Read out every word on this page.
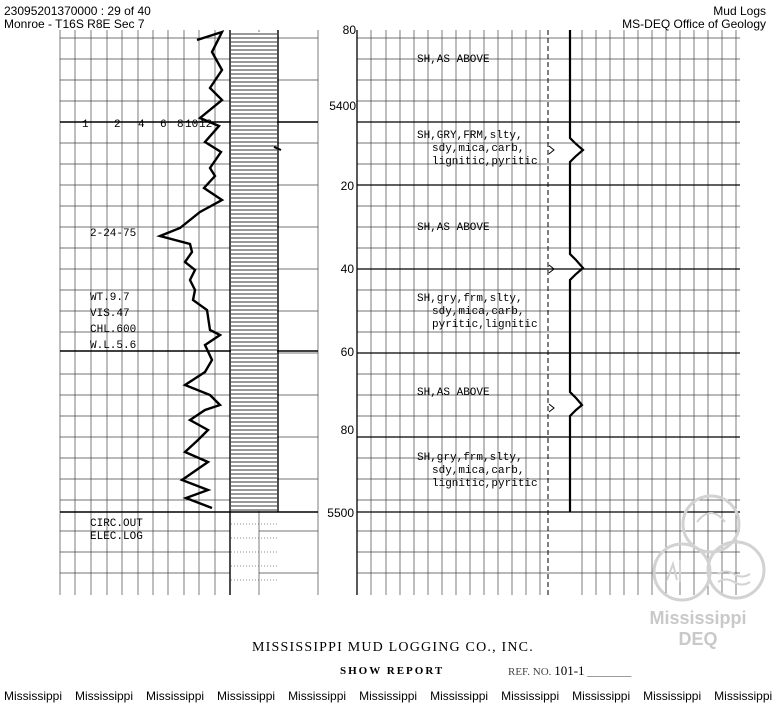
23095201370000 : 29 of 40
Monroe - T16S R8E Sec 7
Mud Logs
MS-DEQ Office of Geology
1 2 4 6 8 10 12
2-24-75
WT.9.7
VIS.47
CHL.600
W.L.5.6
CIRC.OUT
ELEC.LOG
80
5400
20
40
60
80
5500
SH,AS ABOVE
SH,GRY,FRM,slty,
sdy,mica,carb,
lignitic,pyritic
SH,AS ABOVE
SH,gry,frm,slty,
sdy,mica,carb,
pyritic,lignitic
SH,AS ABOVE
SH,gry,frm,slty,
sdy,mica,carb,
lignitic,pyritic
Mississippi
DEQ
MISSISSIPPI MUD LOGGING CO., INC.
SHOW REPORT	REF. NO. 101-1 ________
Mississippi Mississippi Mississippi Mississippi Mississippi Mississippi Mississippi Mississippi Mississippi Mississippi Mississippi
